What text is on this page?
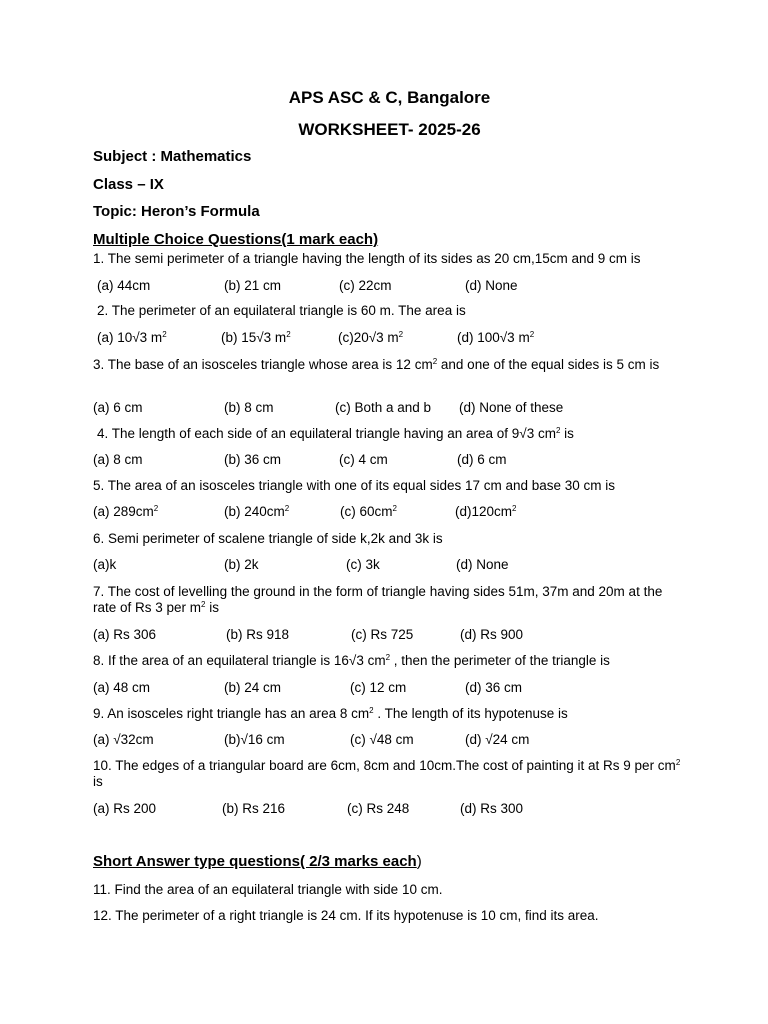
APS ASC & C, Bangalore
WORKSHEET- 2025-26
Subject : Mathematics
Class – IX
Topic: Heron’s Formula
Multiple Choice Questions(1 mark each)
1. The semi perimeter of a triangle having the length of its sides as 20 cm,15cm and 9 cm is
(a) 44cm	(b) 21 cm	(c) 22cm	(d) None
2. The perimeter of an equilateral triangle is 60 m. The area is
(a) 10√3 $m^2$	(b) 15√3 $m^2$	(c)20√3 $m^2$	(d) 100√3 $m^2$
3. The base of an isosceles triangle whose area is 12 $cm^2$ and one of the equal sides is 5 cm is
(a) 6 cm	(b) 8 cm	(c) Both a and b (d) None of these
4. The length of each side of an equilateral triangle having an area of 9√3 $cm^2$ is
(a) 8 cm	(b) 36 cm	(c) 4 cm	(d) 6 cm
5. The area of an isosceles triangle with one of its equal sides 17 cm and base 30 cm is
(a) $289cm^2$	(b) $240cm^2$	(c) $60cm^2$	$(d)120cm^2$
6. Semi perimeter of scalene triangle of side k,2k and 3k is
(a)k	(b) 2k	(c) 3k	(d) None
7. The cost of levelling the ground in the form of triangle having sides 51m, 37m and 20m at the rate of Rs 3 per $m^2$ is
(a) Rs 306	(b) Rs 918	(c) Rs 725	(d) Rs 900
8. If the area of an equilateral triangle is 16√3 $cm^2$ , then the perimeter of the triangle is
(a) 48 cm	(b) 24 cm	(c) 12 cm	(d) 36 cm
9. An isosceles right triangle has an area 8 $cm^2$ . The length of its hypotenuse is
(a) √32cm	(b)√16 cm	(c) √48 cm	(d) √24 cm
10. The edges of a triangular board are 6cm, 8cm and 10cm.The cost of painting it at Rs 9 per $cm^2$ is
(a) Rs 200	(b) Rs 216	(c) Rs 248	(d) Rs 300
Short Answer type questions( 2/3 marks each)
11. Find the area of an equilateral triangle with side 10 cm.
12. The perimeter of a right triangle is 24 cm. If its hypotenuse is 10 cm, find its area.
